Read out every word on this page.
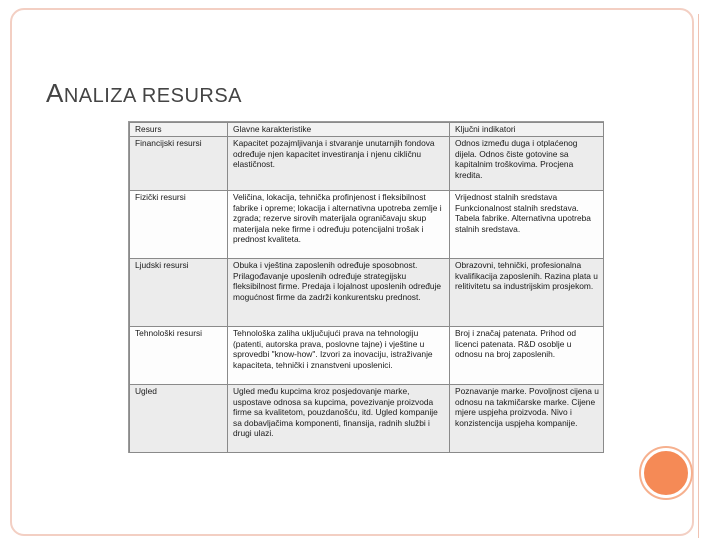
ANALIZA RESURSA
Resurs	Glavne karakteristike	Ključni indikatori
Financijski resursi	Kapacitet pozajmljivanja i stvaranje unutarnjih fondova određuje njen kapacitet investiranja i njenu cikličnu elastičnost.	Odnos između duga i otplaćenog dijela. Odnos čiste gotovine sa kapitalnim troškovima. Procjena kredita.
Fizički resursi	Veličina, lokacija, tehnička profinjenost i fleksibilnost fabrike i opreme; lokacija i alternativna upotreba zemlje i zgrada; rezerve sirovih materijala ograničavaju skup materijala neke firme i određuju potencijalni trošak i prednost kvaliteta.	Vrijednost stalnih sredstava Funkcionalnost stalnih sredstava. Tabela fabrike. Alternativna upotreba stalnih sredstava.
Ljudski resursi	Obuka i vještina zaposlenih određuje sposobnost. Prilagođavanje uposlenih određuje strategijsku fleksibilnost firme. Predaja i lojalnost uposlenih određuje mogućnost firme da zadrži konkurentsku prednost.	Obrazovni, tehnički, profesionalna kvalifikacija zaposlenih. Razina plata u relitivitetu sa industrijskim prosjekom.
Tehnološki resursi	Tehnološka zaliha uključujući prava na tehnologiju (patenti, autorska prava, poslovne tajne) i vještine u sprovedbi "know-how". Izvori za inovaciju, istraživanje kapaciteta, tehnički i znanstveni uposlenici.	Broj i značaj patenata. Prihod od licenci patenata. R&D osoblje u odnosu na broj zaposlenih.
Ugled	Ugled među kupcima kroz posjedovanje marke, uspostave odnosa sa kupcima, povezivanje proizvoda firme sa kvalitetom, pouzdanošću, itd. Ugled kompanije sa dobavljačima komponenti, finansija, radnih službi i drugi ulazi.	Poznavanje marke. Povoljnost cijena u odnosu na takmičarske marke. Cijene mjere uspjeha proizvoda. Nivo i konzistencija uspjeha kompanije.
